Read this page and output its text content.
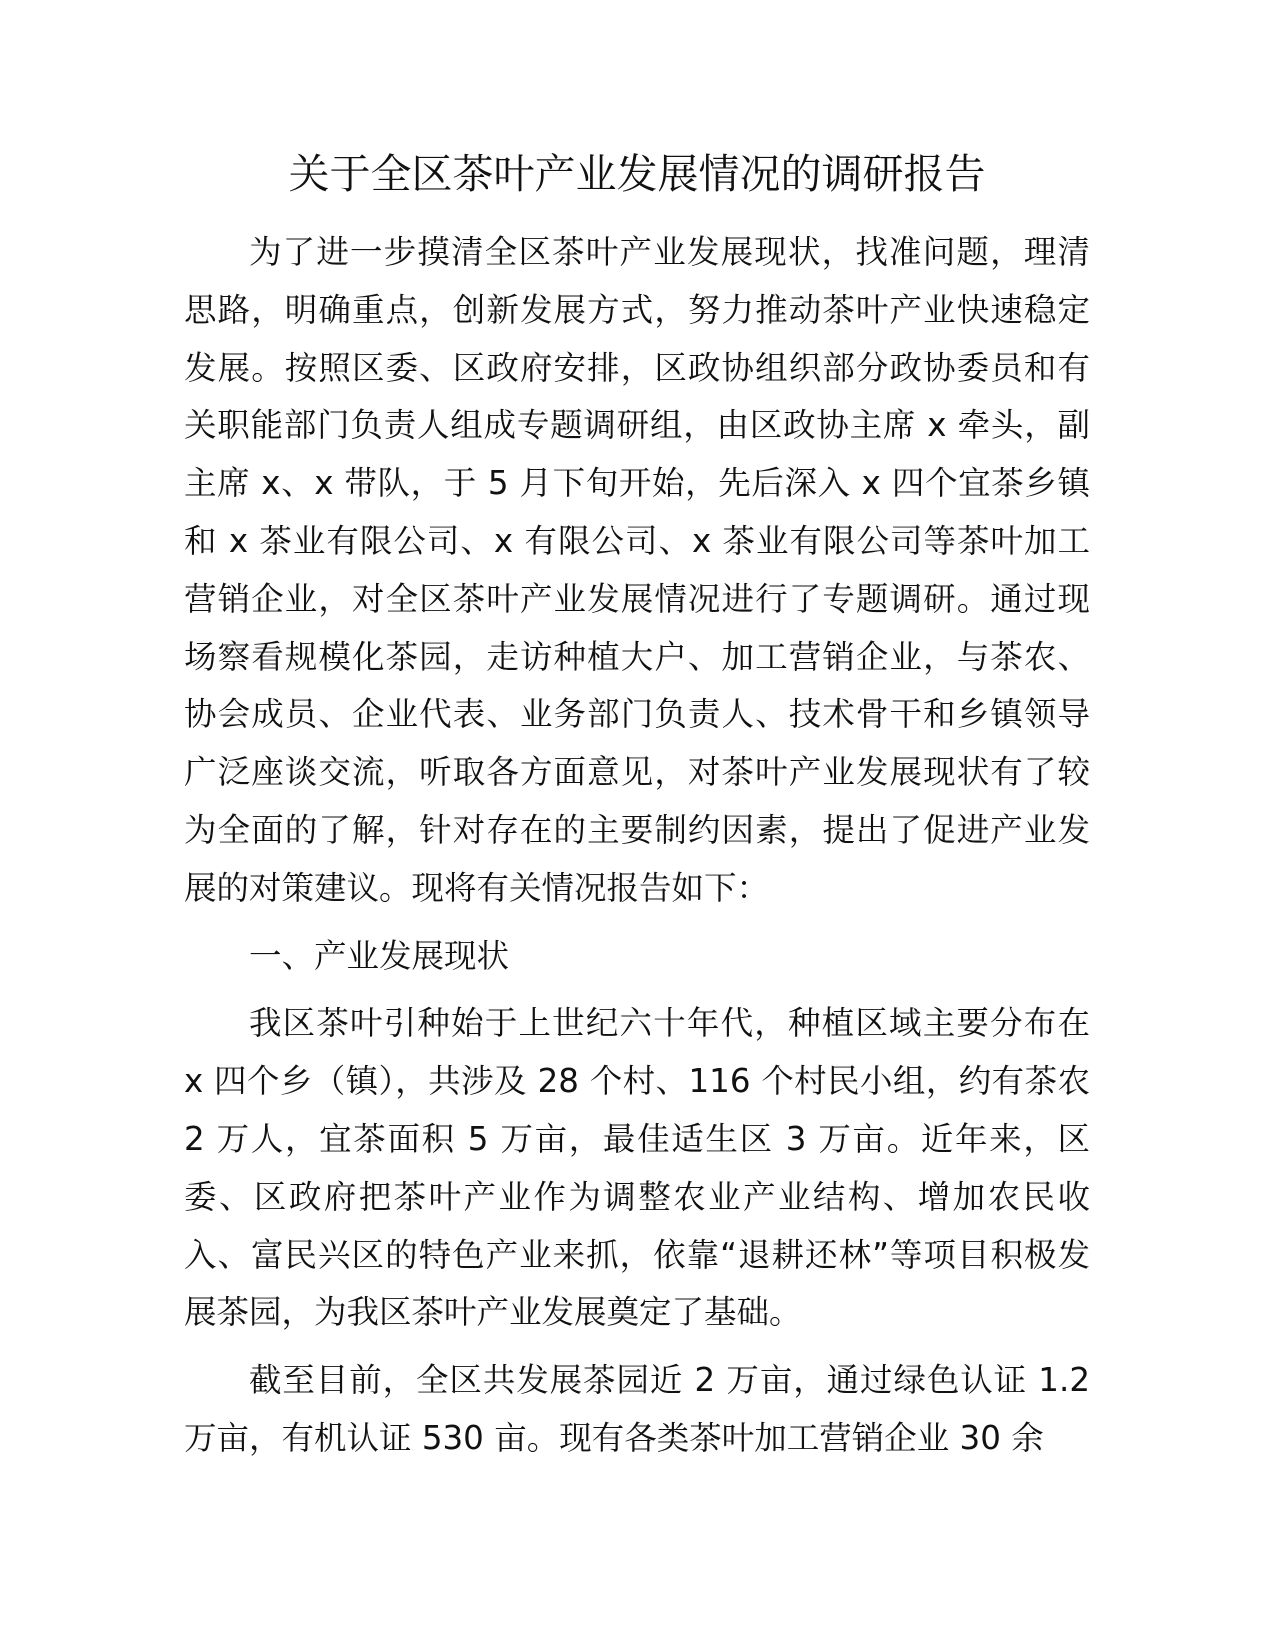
关于全区茶叶产业发展情况的调研报告

为了进一步摸清全区茶叶产业发展现状，找准问题，理清思路，明确重点，创新发展方式，努力推动茶叶产业快速稳定发展。按照区委、区政府安排，区政协组织部分政协委员和有关职能部门负责人组成专题调研组，由区政协主席 x 牵头，副主席 x、x 带队，于 5 月下旬开始，先后深入 x 四个宜茶乡镇和 x 茶业有限公司、x 有限公司、x 茶业有限公司等茶叶加工营销企业，对全区茶叶产业发展情况进行了专题调研。通过现场察看规模化茶园，走访种植大户、加工营销企业，与茶农、协会成员、企业代表、业务部门负责人、技术骨干和乡镇领导广泛座谈交流，听取各方面意见，对茶叶产业发展现状有了较为全面的了解，针对存在的主要制约因素，提出了促进产业发展的对策建议。现将有关情况报告如下：

一、产业发展现状

我区茶叶引种始于上世纪六十年代，种植区域主要分布在 x 四个乡（镇），共涉及 28 个村、116 个村民小组，约有茶农 2 万人，宜茶面积 5 万亩，最佳适生区 3 万亩。近年来，区委、区政府把茶叶产业作为调整农业产业结构、增加农民收入、富民兴区的特色产业来抓，依靠“退耕还林”等项目积极发展茶园，为我区茶叶产业发展奠定了基础。

截至目前，全区共发展茶园近 2 万亩，通过绿色认证 1.2 万亩，有机认证 530 亩。现有各类茶叶加工营销企业 30 余
